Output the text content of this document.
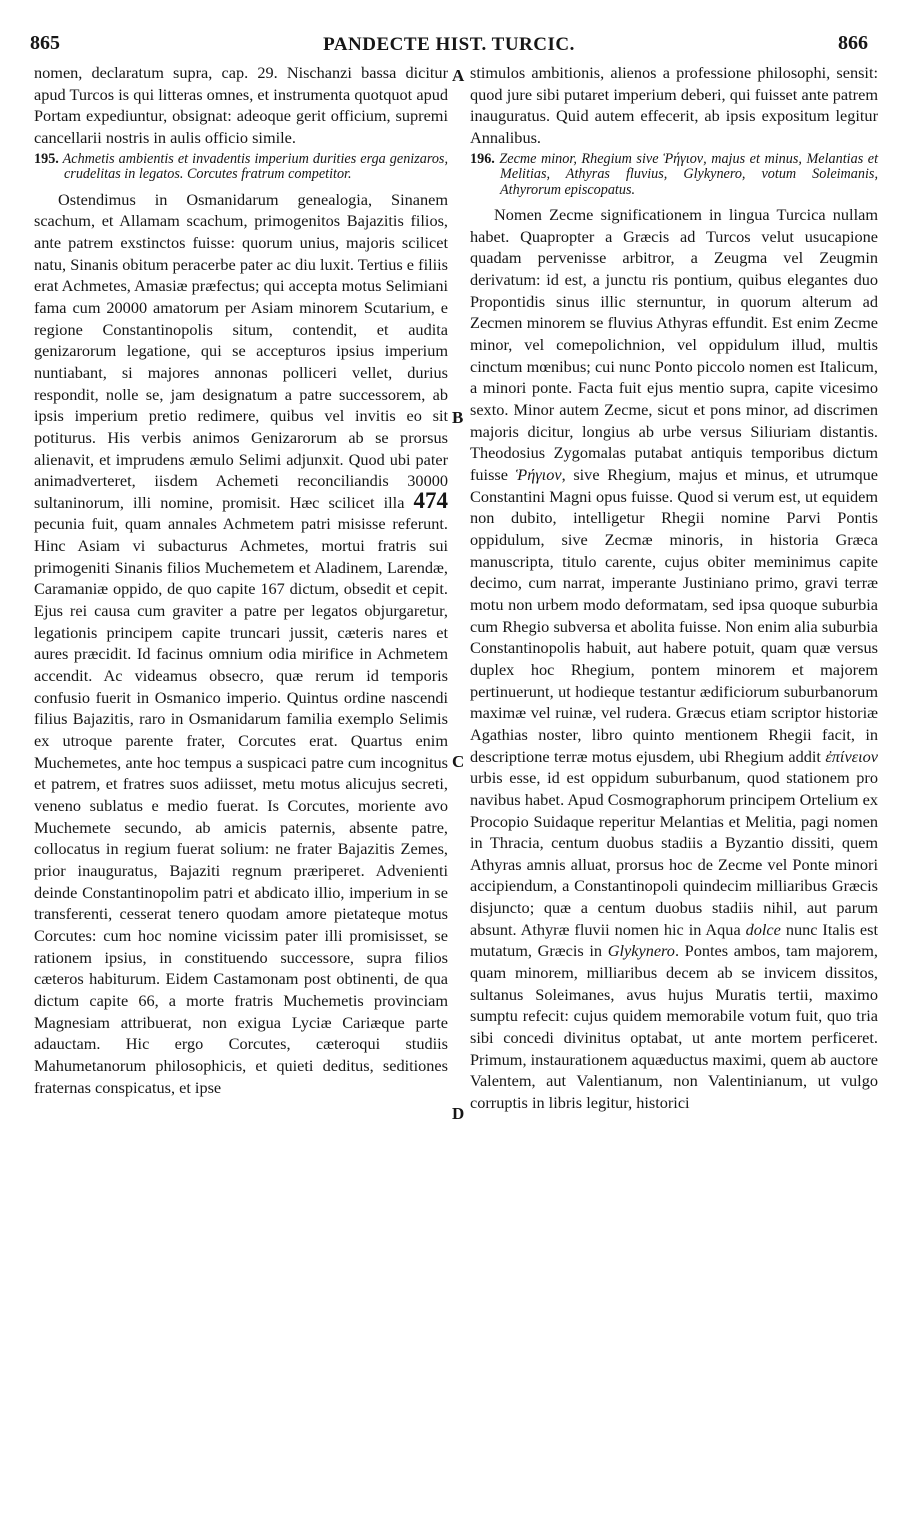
865	PANDECTE HIST. TURCIC.	866

nomen, declaratum supra, cap. 29. Nischanzi bassa dicitur apud Turcos is qui litteras omnes, et instrumenta quotquot apud Portam expediuntur, obsignat: adeoque gerit officium, supremi cancellarii nostris in aulis officio simile.

195. Achmetis ambientis et invadentis imperium duritiеs erga genizaros, crudelitas in legatos. Corcutes fratrum competitor.

Ostendimus in Osmanidarum genealogia, Sinanem scachum, et Allamam scachum, primogenitos Bajazitis filios, ante patrem exstinctos fuisse: quorum unius, majoris scilicet natu, Sinanis obitum peracerbe pater ac diu luxit. Tertius e filiis erat Achmetes, Amasiæ præfectus; qui accepta motus Selimiani fama cum 20000 amatorum per Asiam minorem Scutarium, e regione Constantinopolis situm, contendit, et audita genizarorum legatione, qui se accepturos ipsius imperium nuntiabant, si majores annonas polliceri vellet, durius respondit, nolle se, jam designatum a patre successorem, ab ipsis imperium pretio redimere, quibus vel invitis eo sit potiturus. His verbis animos Genizarorum ab se prorsus alienavit, et imprudens æmulo Selimi adjunxit. Quod ubi pater animadverteret, iisdem Achemeti reconciliandis 30000 sultaninorum, illi nomine, promisit. Hæc scilicet illa 474 pecunia fuit, quam annales Achmetem patri misisse referunt. Hinc Asiam vi subacturus Achmetes, mortui fratris sui primogeniti Sinanis filios Muchemetem et Aladinem, Larendæ, Caramaniæ oppido, de quo capite 167 dictum, obsedit et cepit. Ejus rei causa cum graviter a patre per legatos objurgaretur, legationis principem capite truncari jussit, cæteris nares et aures præcidit. Id facinus omnium odia mirifice in Achmetem accendit. Ac videamus obsecro, quæ rerum id temporis confusio fuerit in Osmanico imperio. Quintus ordine nascendi filius Bajazitis, raro in Osmanidarum familia exemplo Selimis ex utroque parente frater, Corcutes erat. Quartus enim Muchemetes, ante hoc tempus a suspicaci patre cum incognitus et patrem, et fratres suos adiisset, metu motus alicujus secreti, veneno sublatus e medio fuerat. Is Corcutes, moriente avo Muchemete secundo, ab amicis paternis, absente patre, collocatus in regium fuerat solium: ne frater Bajazitis Zemes, prior inauguratus, Bajaziti regnum præriperet. Advenienti deinde Constantinopolim patri et abdicato illio, imperium in se transferenti, cesserat tenero quodam amore pietateque motus Corcutes: cum hoc nomine vicissim pater illi promisisset, se rationem ipsius, in constituendo successore, supra filios cæteros habiturum. Eidem Castamonam post obtinenti, de qua dictum capite 66, a morte fratris Muchemetis provinciam Magnesiam attribuerat, non exigua Lyciæ Cariæque parte adauctam. Hic ergo Corcutes, cæteroqui studiis Mahumetanorum philosophicis, et quieti deditus, seditiones fraternas conspicatus, et ipse

A
B
C
D

stimulos ambitionis, alienos a professione philosophi, sensit: quod jure sibi putaret imperium deberi, qui fuisset ante patrem inauguratus. Quid autem effecerit, ab ipsis expositum legitur Annalibus.

196. Zecme minor, Rhegium sive Ῥήγιον, majus et minus, Melantias et Melitias, Athyras fluvius, Glykynero, votum Soleimanis, Athyrorum episcopatus.

Nomen Zecme significationem in lingua Turcica nullam habet. Quapropter a Græcis ad Turcos velut usucapione quadam pervenisse arbitror, a Zeugma vel Zeugmin derivatum: id est, a junctu ris pontium, quibus elegantes duo Propontidis sinus illic sternuntur, in quorum alterum ad Zecmen minorem se fluvius Athyras effundit. Est enim Zecme minor, vel comepolichnion, vel oppidulum illud, multis cinctum mœnibus; cui nunc Ponto piccolo nomen est Italicum, a minori ponte. Facta fuit ejus mentio supra, capite vicesimo sexto. Minor autem Zecme, sicut et pons minor, ad discrimen majoris dicitur, longius ab urbe versus Siliuriam distantis. Theodosius Zygomalas putabat antiquis temporibus dictum fuisse Ῥήγιον, sive Rhegium, majus et minus, et utrumque Constantini Magni opus fuisse. Quod si verum est, ut equidem non dubito, intelligetur Rhegii nomine Parvi Pontis oppidulum, sive Zecmæ minoris, in historia Græca manuscripta, titulo carente, cujus obiter meminimus capite decimo, cum narrat, imperante Justiniano primo, gravi terræ motu non urbem modo deformatam, sed ipsa quoque suburbia cum Rhegio subversa et abolita fuisse. Non enim alia suburbia Constantinopolis habuit, aut habere potuit, quam quæ versus duplex hoc Rhegium, pontem minorem et majorem pertinuerunt, ut hodieque testantur ædificiorum suburbanorum maximæ vel ruinæ, vel rudera. Græcus etiam scriptor historiæ Agathias noster, libro quinto mentionem Rhegii facit, in descriptione terræ motus ejusdem, ubi Rhegium addit ἐπίνειον urbis esse, id est oppidum suburbanum, quod stationem pro navibus habet. Apud Cosmographorum principem Ortelium ex Procopio Suidaque reperitur Melantias et Melitia, pagi nomen in Thracia, centum duobus stadiis a Byzantio dissiti, quem Athyras amnis alluat, prorsus hoc de Zecme vel Ponte minori accipiendum, a Constantinopoli quindecim milliaribus Græcis disjuncto; quæ a centum duobus stadiis nihil, aut parum absunt. Athyræ fluvii nomen hic in Aqua dolce nunc Italis est mutatum, Græcis in Glykynero. Pontes ambos, tam majorem, quam minorem, milliaribus decem ab se invicem dissitos, sultanus Soleimanes, avus hujus Muratis tertii, maximo sumptu refecit: cujus quidem memorabile votum fuit, quo tria sibi concedi divinitus optabat, ut ante mortem perficeret. Primum, instaurationem aquæductus maximi, quem ab auctore Valentem, aut Valentianum, non Valentinianum, ut vulgo corruptis in libris legitur, historici
